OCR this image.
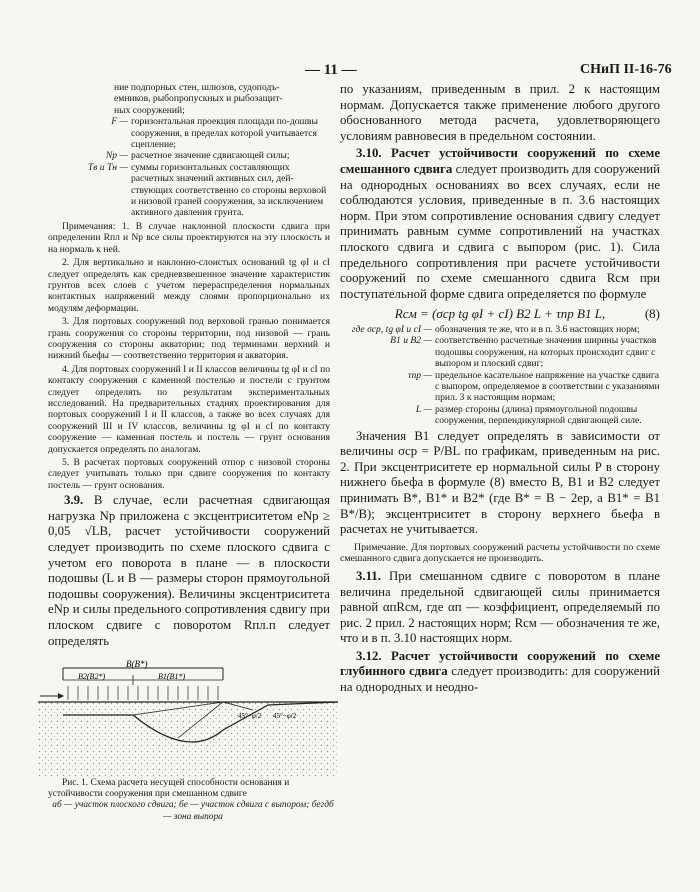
— 11 —	СНиП II-16-76
ние подпорных стен, шлюзов, судоподъ-
емников, рыбопропускных и рыбозащит-
ных сооружений;
F — горизонтальная проекция площади по-дошвы сооружения, в пределах которой учитывается сцепление;
Nр — расчетное значение сдвигающей силы;
Tв и Tн — суммы горизонтальных составляющих расчетных значений активных сил, дей-ствующих соответственно со стороны верховой и низовой граней сооружения, за исключением активного давления грунта.

Примечания: 1. В случае наклонной плоскости сдвига при определении Rпл и Nр все силы проектируются на эту плоскость и на нормаль к ней.

2. Для вертикально и наклонно-слоистых оснований tg φI и cI следует определять как средневзвешенное значение характеристик грунтов всех слоев с учетом перераспределения нормальных контактных напряжений между слоями пропорционально их модулям деформации.

3. Для портовых сооружений под верховой гранью понимается грань сооружения со стороны территории, под низовой — грань сооружения со стороны акватории; под терминами верхний и нижний бьефы — соответственно территория и акватория.

4. Для портовых сооружений I и II классов величины tg φI и cI по контакту сооружения с каменной постелью и постели с грунтом следует определять по результатам экспериментальных исследований. На предварительных стадиях проектирования для портовых сооружений I и II классов, а также во всех случаях для сооружений III и IV классов, величины tg φI и cI по контакту сооружение — каменная постель и постель — грунт основания допускается определять по аналогам.

5. В расчетах портовых сооружений отпор с низовой стороны следует учитывать только при сдвиге сооружения по контакту постель — грунт основания.

3.9. В случае, если расчетная сдвигающая нагрузка Nр приложена с эксцентриситетом eNр ≥ 0,05 √LB, расчет устойчивости сооружений следует производить по схеме плоского сдвига с учетом его поворота в плане — в плоскости подошвы (L и B — размеры сторон прямоугольной подошвы сооружения). Величины эксцентриситета eNр и силы предельного сопротивления сдвигу при плоском сдвиге с поворотом Rпл.п следует определять

B(B*)
B2(B2*)	B1(B1*)
45°−φ/2 45°−φ/2
Рис. 1. Схема расчета несущей способности основания и устойчивости сооружения при смешанном сдвиге
аб — участок плоского сдвига; бе — участок сдвига с выпором; бегдб — зона выпора

по указаниям, приведенным в прил. 2 к настоящим нормам. Допускается также применение любого другого обоснованного метода расчета, удовлетворяющего условиям равновесия в предельном состоянии.

3.10. Расчет устойчивости сооружений по схеме смешанного сдвига следует производить для сооружений на однородных основаниях во всех случаях, если не соблюдаются условия, приведенные в п. 3.6 настоящих норм. При этом сопротивление основания сдвигу следует принимать равным сумме сопротивлений на участках плоского сдвига и сдвига с выпором (рис. 1). Сила предельного сопротивления при расчете устойчивости сооружений по схеме смешанного сдвига Rсм при поступательной форме сдвига определяется по формуле

Rсм = (σср tg φI + cI) B2 L + τпр B1 L,	(8)
где σср, tg φI и cI — обозначения те же, что и в п. 3.6 настоящих норм;
B1 и B2 — соответственно расчетные значения ширины участков подошвы сооружения, на которых происходит сдвиг с выпором и плоский сдвиг;
τпр — предельное касательное напряжение на участке сдвига с выпором, определяемое в соответствии с указаниями прил. 3 к настоящим нормам;
L — размер стороны (длина) прямоугольной подошвы сооружения, перпендикулярной сдвигающей силе.

Значения B1 следует определять в зависимости от величины σср = P/BL по графикам, приведенным на рис. 2. При эксцентриситете eр нормальной силы P в сторону нижнего бьефа в формуле (8) вместо B, B1 и B2 следует принимать B*, B1* и B2* (где B* = B − 2eр, а B1* = B1 B*/B); эксцентриситет в сторону верхнего бьефа в расчетах не учитывается.

Примечание. Для портовых сооружений расчеты устойчивости по схеме смешанного сдвига допускается не производить.

3.11. При смешанном сдвиге с поворотом в плане величина предельной сдвигающей силы принимается равной αпRсм, где αп — коэффициент, определяемый по рис. 2 прил. 2 настоящих норм; Rсм — обозначения те же, что и в п. 3.10 настоящих норм.

3.12. Расчет устойчивости сооружений по схеме глубинного сдвига следует производить: для сооружений на однородных и неодно-
